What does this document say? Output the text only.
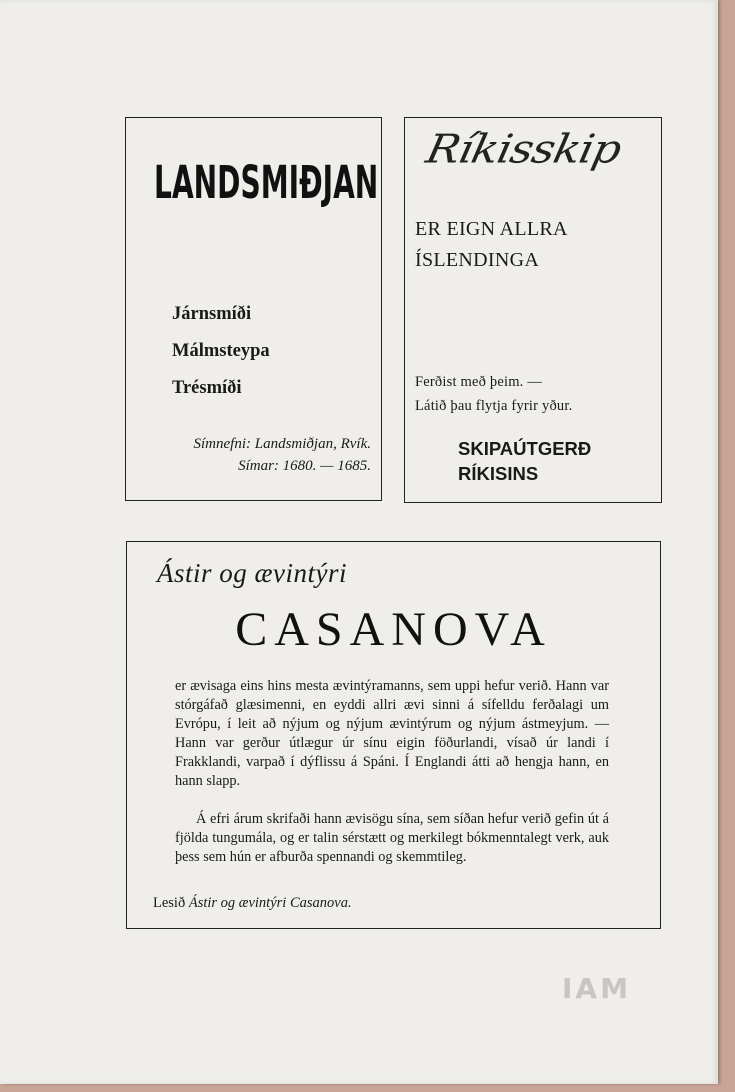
LANDSMIÐJAN
Járnsmíði
Málmsteypa
Trésmíði
Símnefni: Landsmiðjan, Rvík.
Símar: 1680. — 1685.
Ríkisskip
ER EIGN ALLRA
ÍSLENDINGA
Ferðist með þeim. —
Látið þau flytja fyrir yður.
SKIPAÚTGERÐ
RÍKISINS
Ástir og ævintýri
CASANOVA
er ævisaga eins hins mesta ævintýramanns, sem uppi hefur verið. Hann var stórgáfað glæsimenni, en eyddi allri ævi sinni á sífelldu ferðalagi um Evrópu, í leit að nýjum og nýjum ævintýrum og nýjum ástmeyjum. — Hann var gerður útlægur úr sínu eigin föðurlandi, vísað úr landi í Frakklandi, varpað í dýflissu á Spáni. Í Englandi átti að hengja hann, en hann slapp.
Á efri árum skrifaði hann ævisögu sína, sem síðan hefur verið gefin út á fjölda tungumála, og er talin sérstætt og merkilegt bókmenntalegt verk, auk þess sem hún er afburða spennandi og skemmtileg.
Lesið Ástir og ævintýri Casanova.
IAM
